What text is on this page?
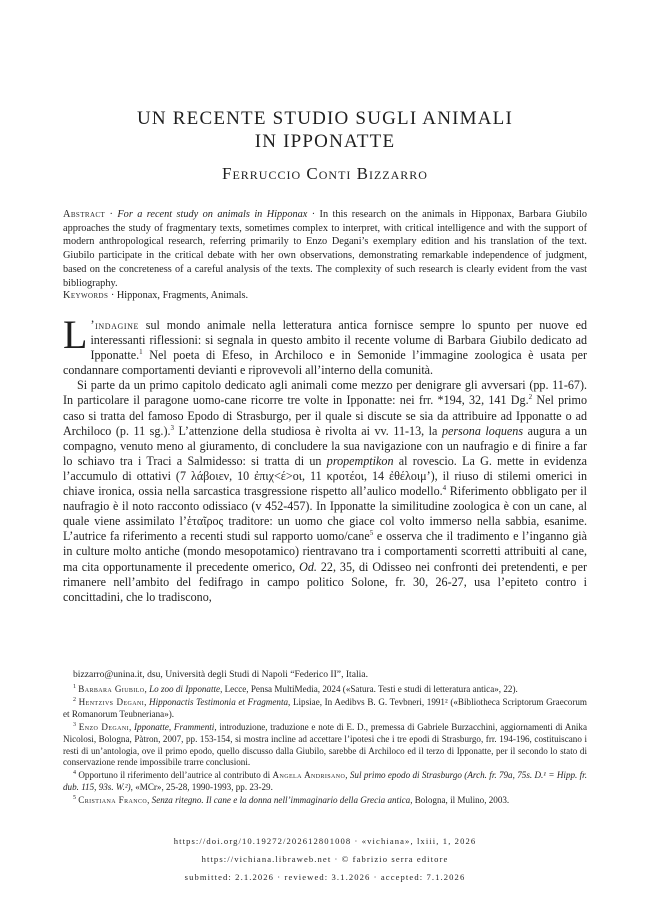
UN RECENTE STUDIO SUGLI ANIMALI
IN IPPONATTE
Ferruccio Conti Bizzarro
Abstract · For a recent study on animals in Hipponax · In this research on the animals in Hipponax, Barbara Giubilo approaches the study of fragmentary texts, sometimes complex to interpret, with critical intelligence and with the support of modern anthropological research, referring primarily to Enzo Degani’s exemplary edition and his translation of the text. Giubilo participate in the critical debate with her own observations, demonstrating remarkable independence of judgment, based on the concreteness of a careful analysis of the texts. The complexity of such research is clearly evident from the vast bibliography.
Keywords · Hipponax, Fragments, Animals.

L ’indagine sul mondo animale nella letteratura antica fornisce sempre lo spunto per nuove ed interessanti riflessioni: si segnala in questo ambito il recente volume di Barbara Giubilo dedicato ad Ipponatte.$^1$ Nel poeta di Efeso, in Archiloco e in Semonide l’immagine zoologica è usata per condannare comportamenti devianti e riprovevoli all’interno della comunità.

Si parte da un primo capitolo dedicato agli animali come mezzo per denigrare gli avversari (pp. 11-67). In particolare il paragone uomo-cane ricorre tre volte in Ipponatte: nei frr. *194, 32, 141 Dg.$^2$ Nel primo caso si tratta del famoso Epodo di Strasburgo, per il quale si discute se sia da attribuire ad Ipponatte o ad Archiloco (p. 11 sg.).$^3$ L’attenzione della studiosa è rivolta ai vv. 11-13, la persona loquens augura a un compagno, venuto meno al giuramento, di concludere la sua navigazione con un naufragio e di finire a far lo schiavo tra i Traci a Salmidesso: si tratta di un propemptikon al rovescio. La G. mette in evidenza l’accumulo di ottativi (7 λάβοιεν, 10 ἐπιχ<έ>οι, 11 κροτέοι, 14 ἐθέλοιμ’), il riuso di stilemi omerici in chiave ironica, ossia nella sarcastica trasgressione rispetto all’aulico modello.$^4$ Riferimento obbligato per il naufragio è il noto racconto odissiaco (v 452-457). In Ipponatte la similitudine zoologica è con un cane, al quale viene assimilato l’ἑταῖρος traditore: un uomo che giace col volto immerso nella sabbia, esanime. L’autrice fa riferimento a recenti studi sul rapporto uomo/cane$^5$ e osserva che il tradimento e l’inganno già in culture molto antiche (mondo mesopotamico) rientravano tra i comportamenti scorretti attribuiti al cane, ma cita opportunamente il precedente omerico, Od. 22, 35, di Odisseo nei confronti dei pretendenti, e per rimanere nell’ambito del fedifrago in campo politico Solone, fr. 30, 26-27, usa l’epiteto contro i concittadini, che lo tradiscono,

bizzarro@unina.it, dsu, Università degli Studi di Napoli “Federico II”, Italia.

$^1$ Barbara Giubilo, Lo zoo di Ipponatte, Lecce, Pensa MultiMedia, 2024 («Satura. Testi e studi di letteratura antica», 22).

$^2$ Hentzivs Degani, Hipponactis Testimonia et Fragmenta, Lipsiae, In Aedibvs B. G. Tevbneri, 1991² («Bibliotheca Scriptorum Graecorum et Romanorum Teubneriana»).

$^3$ Enzo Degani, Ipponatte, Frammenti, introduzione, traduzione e note di E. D., premessa di Gabriele Burzacchini, aggiornamenti di Anika Nicolosi, Bologna, Pàtron, 2007, pp. 153-154, si mostra incline ad accettare l’ipotesi che i tre epodi di Strasburgo, frr. 194-196, costituiscano i resti di un’antologia, ove il primo epodo, quello discusso dalla Giubilo, sarebbe di Archiloco ed il terzo di Ipponatte, per il secondo lo stato di conservazione rende impossibile trarre conclusioni.

$^4$ Opportuno il riferimento dell’autrice al contributo di Angela Andrisano, Sul primo epodo di Strasburgo (Arch. fr. 79a, 75s. D.¹ = Hipp. fr. dub. 115, 93s. W.²), «MCr», 25-28, 1990-1993, pp. 23-29.

$^5$ Cristiana Franco, Senza ritegno. Il cane e la donna nell’immaginario della Grecia antica, Bologna, il Mulino, 2003.

https://doi.org/10.19272/202612801008 · «vichiana», lxiii, 1, 2026
https://vichiana.libraweb.net · © fabrizio serra editore
submitted: 2.1.2026 · reviewed: 3.1.2026 · accepted: 7.1.2026
